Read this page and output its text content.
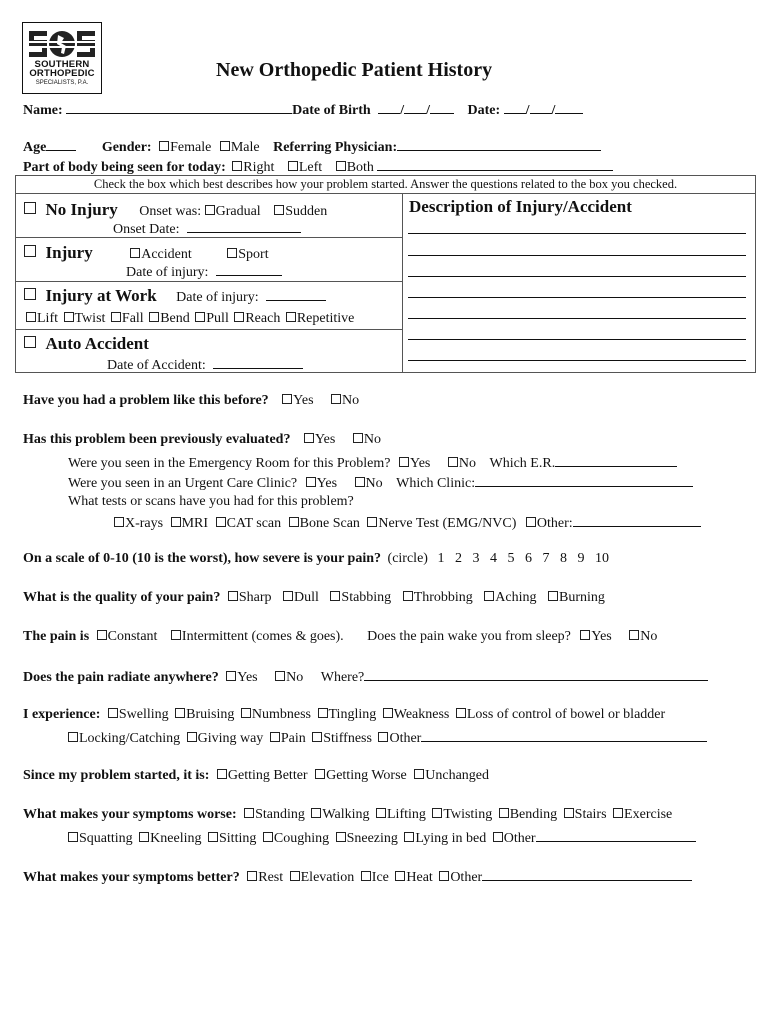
SOUTHERN
ORTHOPEDIC
SPECIALISTS, P.A.
New Orthopedic Patient History
Name:	Date of Birth / /	Date: / /
Age	Gender: Female Male Referring Physician:
Part of body being seen for today: Right Left Both
Check the box which best describes how your problem started. Answer the questions related to the box you checked.
No Injury Onset was: Gradual Sudden
Onset Date:
Injury	Accident	Sport
Date of injury:
Injury at Work Date of injury:
Lift Twist Fall Bend Pull Reach Repetitive
Auto Accident
Date of Accident:
Description of Injury/Accident
Have you had a problem like this before? Yes No
Has this problem been previously evaluated? Yes No
Were you seen in the Emergency Room for this Problem? Yes No Which E.R.
Were you seen in an Urgent Care Clinic? Yes No Which Clinic:
What tests or scans have you had for this problem?
X-rays MRI CAT scan Bone Scan Nerve Test (EMG/NVC) Other:
On a scale of 0-10 (10 is the worst), how severe is your pain? (circle) 1 2 3 4 5 6 7 8 9 10
What is the quality of your pain? Sharp Dull Stabbing Throbbing Aching Burning
The pain is Constant Intermittent (comes & goes). Does the pain wake you from sleep? Yes No
Does the pain radiate anywhere? Yes No Where?
I experience: Swelling Bruising Numbness Tingling Weakness Loss of control of bowel or bladder
Locking/Catching Giving way Pain Stiffness Other
Since my problem started, it is: Getting Better Getting Worse Unchanged
What makes your symptoms worse: Standing Walking Lifting Twisting Bending Stairs Exercise
Squatting Kneeling Sitting Coughing Sneezing Lying in bed Other
What makes your symptoms better? Rest Elevation Ice Heat Other
